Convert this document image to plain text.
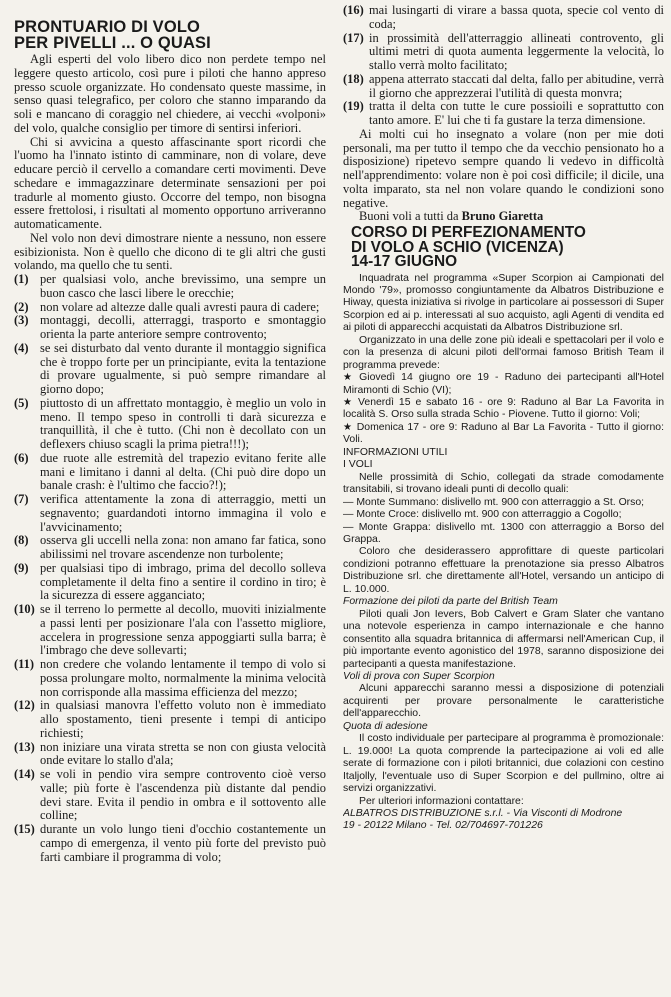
PRONTUARIO DI VOLO
PER PIVELLI ... O QUASI

Agli esperti del volo libero dico non perdete tempo nel leggere questo articolo, così pure i piloti che hanno appreso presso scuole organizzate. Ho condensato queste massime, in senso quasi telegrafico, per coloro che stanno imparando da soli e mancano di coraggio nel chiedere, ai vecchi «volponi» del volo, qualche consiglio per timore di sentirsi inferiori.

Chi si avvicina a questo affascinante sport ricordi che l'uomo ha l'innato istinto di camminare, non di volare, deve educare perciò il cervello a comandare certi movimenti. Deve schedare e immagazzinare determinate sensazioni per poi tradurle al momento giusto. Occorre del tempo, non bisogna essere frettolosi, i risultati al momento opportuno arriveranno automaticamente.

Nel volo non devi dimostrare niente a nessuno, non essere esibizionista. Non è quello che dicono di te gli altri che gusti volando, ma quello che tu senti.

(1) per qualsiasi volo, anche brevissimo, una sempre un buon casco che lasci libere le orecchie;
(2) non volare ad altezze dalle quali avresti paura di cadere;
(3) montaggi, decolli, atterraggi, trasporto e smontaggio orienta la parte anteriore sempre controvento;
(4) se sei disturbato dal vento durante il montaggio significa che è troppo forte per un principiante, evita la tentazione di provare ugualmente, si può sempre rimandare al giorno dopo;
(5) piuttosto di un affrettato montaggio, è meglio un volo in meno. Il tempo speso in controlli ti darà sicurezza e tranquillità, il che è tutto. (Chi non è decollato con un deflexers chiuso scagli la prima pietra!!!);
(6) due ruote alle estremità del trapezio evitano ferite alle mani e limitano i danni al delta. (Chi può dire dopo un banale crash: è l'ultimo che faccio?!);
(7) verifica attentamente la zona di atterraggio, metti un segnavento; guardandoti intorno immagina il volo e l'avvicinamento;
(8) osserva gli uccelli nella zona: non amano far fatica, sono abilissimi nel trovare ascendenze non turbolente;
(9) per qualsiasi tipo di imbrago, prima del decollo solleva completamente il delta fino a sentire il cordino in tiro; è la sicurezza di essere agganciato;
(10) se il terreno lo permette al decollo, muoviti inizialmente a passi lenti per posizionare l'ala con l'assetto migliore, accelera in progressione senza appoggiarti sulla barra; è l'imbrago che deve sollevarti;
(11) non credere che volando lentamente il tempo di volo si possa prolungare molto, normalmente la minima velocità non corrisponde alla massima efficienza del mezzo;
(12) in qualsiasi manovra l'effetto voluto non è immediato allo spostamento, tieni presente i tempi di anticipo richiesti;
(13) non iniziare una virata stretta se non con giusta velocità onde evitare lo stallo d'ala;
(14) se voli in pendio vira sempre controvento cioè verso valle; più forte è l'ascendenza più distante dal pendio devi stare. Evita il pendio in ombra e il sottovento alle colline;
(15) durante un volo lungo tieni d'occhio costantemente un campo di emergenza, il vento più forte del previsto può farti cambiare il programma di volo;
(16) mai lusingarti di virare a bassa quota, specie col vento di coda;
(17) in prossimità dell'atterraggio allineati controvento, gli ultimi metri di quota aumenta leggermente la velocità, lo stallo verrà molto facilitato;
(18) appena atterrato staccati dal delta, fallo per abitudine, verrà il giorno che apprezzerai l'utilità di questa monvra;
(19) tratta il delta con tutte le cure possioili e soprattutto con tanto amore. E' lui che ti fa gustare la terza dimensione.

Ai molti cui ho insegnato a volare (non per mie doti personali, ma per tutto il tempo che da vecchio pensionato ho a disposizione) ripetevo sempre quando li vedevo in difficoltà nell'apprendimento: volare non è poi così difficile; il dicile, una volta imparato, sta nel non volare quando le condizioni sono negative.

Buoni voli a tutti da Bruno Giaretta

CORSO DI PERFEZIONAMENTO
DI VOLO A SCHIO (VICENZA)
14-17 GIUGNO

Inquadrata nel programma «Super Scorpion ai Campionati del Mondo '79», promosso congiuntamente da Albatros Distribuzione e Hiway, questa iniziativa si rivolge in particolare ai possessori di Super Scorpion ed ai p. interessati al suo acquisto, agli Agenti di vendita ed ai piloti di apparecchi acquistati da Albatros Distribuzione srl.

Organizzato in una delle zone più ideali e spettacolari per il volo e con la presenza di alcuni piloti dell'ormai famoso British Team il programma prevede:

★ Giovedì 14 giugno ore 19 - Raduno dei partecipanti all'Hotel Miramonti di Schio (VI);

★ Venerdì 15 e sabato 16 - ore 9: Raduno al Bar La Favorita in località S. Orso sulla strada Schio - Piovene. Tutto il giorno: Voli;

★ Domenica 17 - ore 9: Raduno al Bar La Favorita - Tutto il giorno: Voli.

INFORMAZIONI UTILI

I VOLI

Nelle prossimità di Schio, collegati da strade comodamente transitabili, si trovano ideali punti di decollo quali:

— Monte Summano: dislivello mt. 900 con atterraggio a St. Orso;

— Monte Croce: dislivello mt. 900 con atterraggio a Cogollo;

— Monte Grappa: dislivello mt. 1300 con atterraggio a Borso del Grappa.

Coloro che desiderassero approfittare di queste particolari condizioni potranno effettuare la prenotazione sia presso Albatros Distribuzione srl. che direttamente all'Hotel, versando un anticipo di L. 10.000.

Formazione dei piloti da parte del British Team

Piloti quali Jon Ievers, Bob Calvert e Gram Slater che vantano una notevole esperienza in campo internazionale e che hanno consentito alla squadra britannica di affermarsi nell'American Cup, il più importante evento agonistico del 1978, saranno disposizione dei partecipanti a questa manifestazione.

Voli di prova con Super Scorpion

Alcuni apparecchi saranno messi a disposizione di potenziali acquirenti per provare personalmente le caratteristiche dell'apparecchio.

Quota di adesione

Il costo individuale per partecipare al programma è promozionale: L. 19.000! La quota comprende la partecipazione ai voli ed alle serate di formazione con i piloti britannici, due colazioni con cestino Italjolly, l'eventuale uso di Super Scorpion e del pullmino, oltre ai servizi organizzativi.

Per ulteriori informazioni contattare:

ALBATROS DISTRIBUZIONE s.r.l. - Via Visconti di Modrone

19 - 20122 Milano - Tel. 02/704697-701226
